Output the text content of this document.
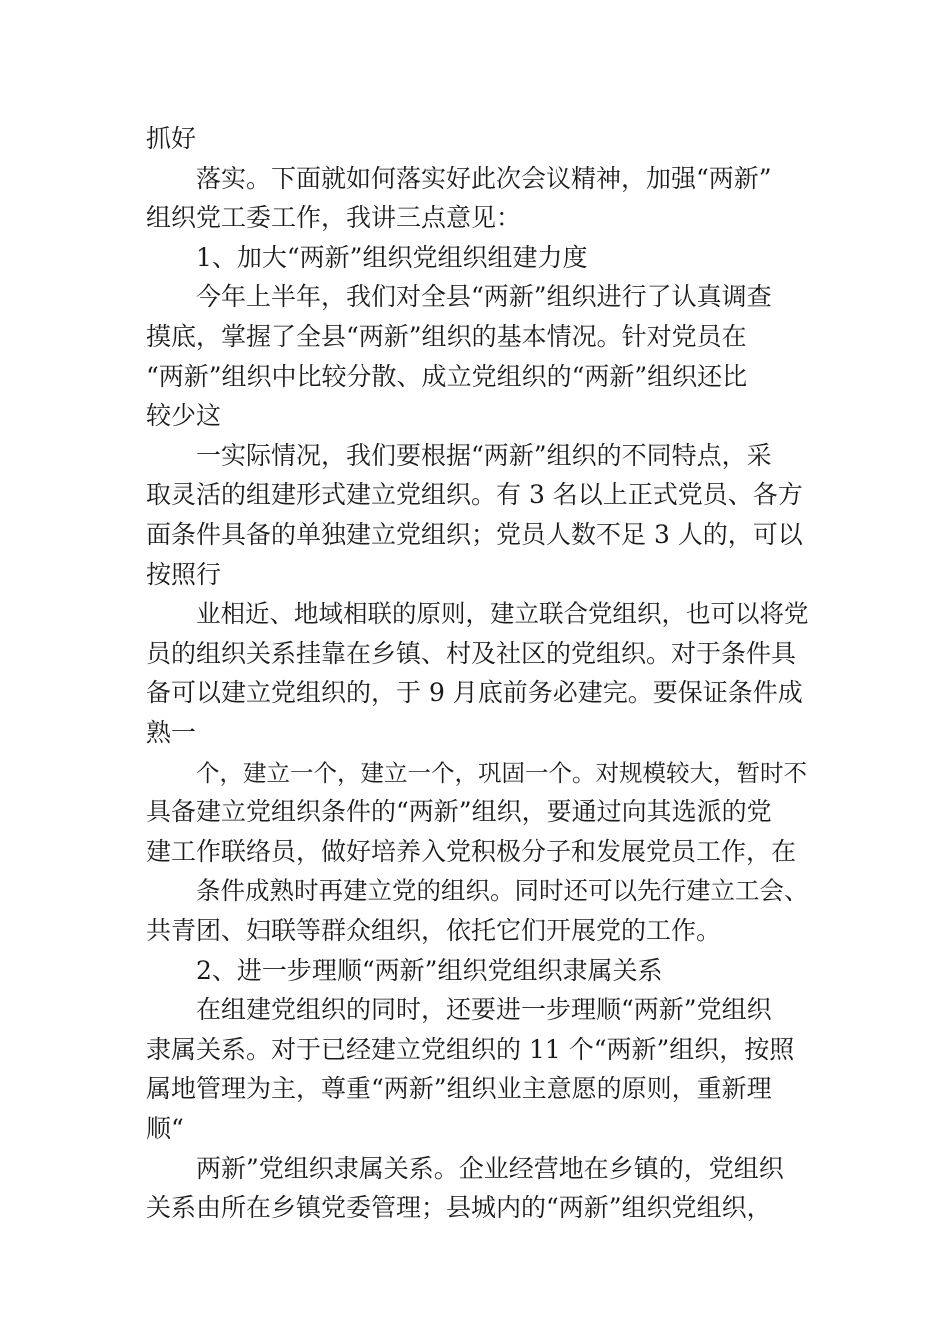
抓好
落实。下面就如何落实好此次会议精神，加强“两新”
组织党工委工作，我讲三点意见：
1、加大“两新”组织党组织组建力度
今年上半年，我们对全县“两新”组织进行了认真调查
摸底，掌握了全县“两新”组织的基本情况。针对党员在
“两新”组织中比较分散、成立党组织的“两新”组织还比
较少这
一实际情况，我们要根据“两新”组织的不同特点，采
取灵活的组建形式建立党组织。有 3 名以上正式党员、各方
面条件具备的单独建立党组织；党员人数不足 3 人的，可以
按照行
业相近、地域相联的原则，建立联合党组织，也可以将党
员的组织关系挂靠在乡镇、村及社区的党组织。对于条件具
备可以建立党组织的，于 9 月底前务必建完。要保证条件成
熟一
个，建立一个，建立一个，巩固一个。对规模较大，暂时不
具备建立党组织条件的“两新”组织，要通过向其选派的党
建工作联络员，做好培养入党积极分子和发展党员工作，在
条件成熟时再建立党的组织。同时还可以先行建立工会、
共青团、妇联等群众组织，依托它们开展党的工作。
2、进一步理顺“两新”组织党组织隶属关系
在组建党组织的同时，还要进一步理顺“两新”党组织
隶属关系。对于已经建立党组织的 11 个“两新”组织，按照
属地管理为主，尊重“两新”组织业主意愿的原则，重新理
顺“
两新”党组织隶属关系。企业经营地在乡镇的，党组织
关系由所在乡镇党委管理；县城内的“两新”组织党组织，
